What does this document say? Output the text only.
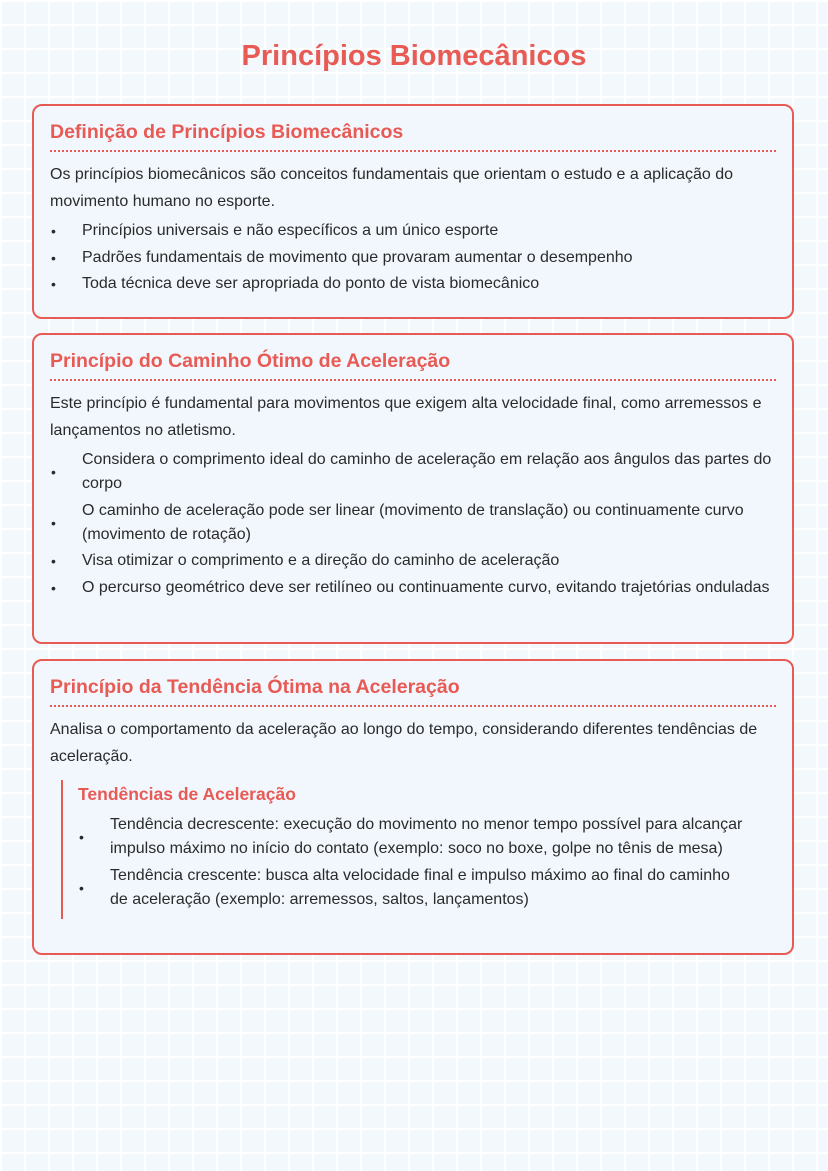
Princípios Biomecânicos
Definição de Princípios Biomecânicos

Os princípios biomecânicos são conceitos fundamentais que orientam o estudo e a aplicação do movimento humano no esporte.

•	Princípios universais e não específicos a um único esporte
•	Padrões fundamentais de movimento que provaram aumentar o desempenho
•	Toda técnica deve ser apropriada do ponto de vista biomecânico
Princípio do Caminho Ótimo de Aceleração

Este princípio é fundamental para movimentos que exigem alta velocidade final, como arremessos e lançamentos no atletismo.

•
Considera o comprimento ideal do caminho de aceleração em relação aos ângulos das partes do corpo
•
O caminho de aceleração pode ser linear (movimento de translação) ou continuamente curvo (movimento de rotação)
•	Visa otimizar o comprimento e a direção do caminho de aceleração
•	O percurso geométrico deve ser retilíneo ou continuamente curvo, evitando trajetórias onduladas
Princípio da Tendência Ótima na Aceleração

Analisa o comportamento da aceleração ao longo do tempo, considerando diferentes tendências de aceleração.

Tendências de Aceleração
•
Tendência decrescente: execução do movimento no menor tempo possível para alcançar impulso máximo no início do contato (exemplo: soco no boxe, golpe no tênis de mesa)
•
Tendência crescente: busca alta velocidade final e impulso máximo ao final do caminho de aceleração (exemplo: arremessos, saltos, lançamentos)
